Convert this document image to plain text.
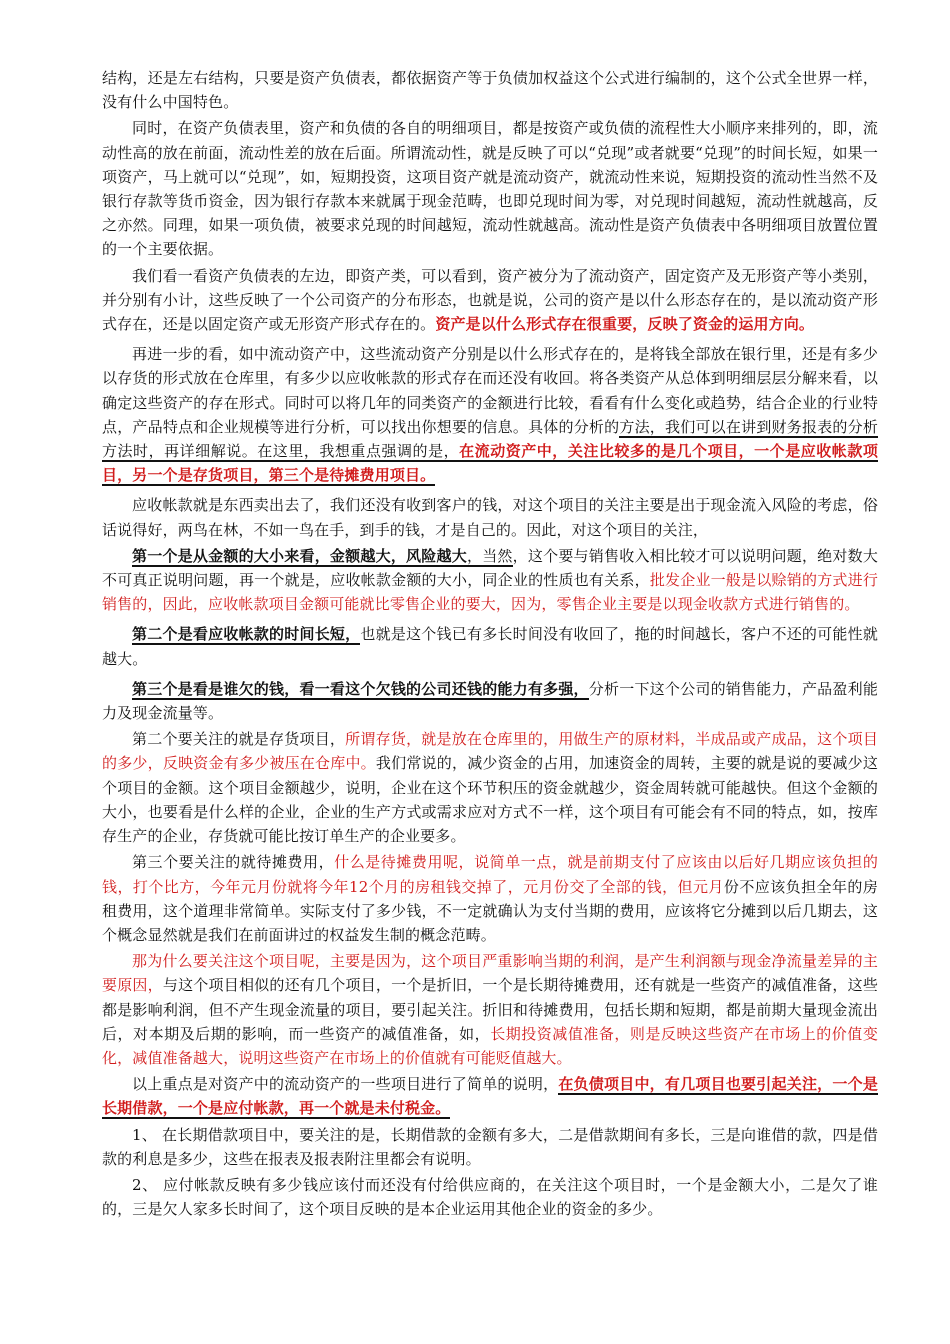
结构，还是左右结构，只要是资产负债表，都依据资产等于负债加权益这个公式进行编制的，这个公式全世界一样，没有什么中国特色。

同时，在资产负债表里，资产和负债的各自的明细项目，都是按资产或负债的流程性大小顺序来排列的，即，流动性高的放在前面，流动性差的放在后面。所谓流动性，就是反映了可以“兑现”或者就要“兑现”的时间长短，如果一项资产，马上就可以“兑现”，如，短期投资，这项目资产就是流动资产，就流动性来说，短期投资的流动性当然不及银行存款等货币资金，因为银行存款本来就属于现金范畴，也即兑现时间为零，对兑现时间越短，流动性就越高，反之亦然。同理，如果一项负债，被要求兑现的时间越短，流动性就越高。流动性是资产负债表中各明细项目放置位置的一个主要依据。

我们看一看资产负债表的左边，即资产类，可以看到，资产被分为了流动资产，固定资产及无形资产等小类别，并分别有小计，这些反映了一个公司资产的分布形态，也就是说，公司的资产是以什么形态存在的，是以流动资产形式存在，还是以固定资产或无形资产形式存在的。资产是以什么形式存在很重要，反映了资金的运用方向。

再进一步的看，如中流动资产中，这些流动资产分别是以什么形式存在的，是将钱全部放在银行里，还是有多少以存货的形式放在仓库里，有多少以应收帐款的形式存在而还没有收回。将各类资产从总体到明细层层分解来看，以确定这些资产的存在形式。同时可以将几年的同类资产的金额进行比较，看看有什么变化或趋势，结合企业的行业特点，产品特点和企业规模等进行分析，可以找出你想要的信息。具体的分析的方法，我们可以在讲到财务报表的分析方法时，再详细解说。在这里，我想重点强调的是，在流动资产中，关注比较多的是几个项目，一个是应收帐款项目，另一个是存货项目，第三个是待摊费用项目。

应收帐款就是东西卖出去了，我们还没有收到客户的钱，对这个项目的关注主要是出于现金流入风险的考虑，俗话说得好，两鸟在林，不如一鸟在手，到手的钱，才是自己的。因此，对这个项目的关注，

第一个是从金额的大小来看，金额越大，风险越大，当然，这个要与销售收入相比较才可以说明问题，绝对数大不可真正说明问题，再一个就是，应收帐款金额的大小，同企业的性质也有关系，批发企业一般是以赊销的方式进行销售的，因此，应收帐款项目金额可能就比零售企业的要大，因为，零售企业主要是以现金收款方式进行销售的。

第二个是看应收帐款的时间长短，也就是这个钱已有多长时间没有收回了，拖的时间越长，客户不还的可能性就越大。

第三个是看是谁欠的钱，看一看这个欠钱的公司还钱的能力有多强，分析一下这个公司的销售能力，产品盈利能力及现金流量等。

第二个要关注的就是存货项目，所谓存货，就是放在仓库里的，用做生产的原材料，半成品或产成品，这个项目的多少，反映资金有多少被压在仓库中。我们常说的，减少资金的占用，加速资金的周转，主要的就是说的要减少这个项目的金额。这个项目金额越少，说明，企业在这个环节积压的资金就越少，资金周转就可能越快。但这个金额的大小，也要看是什么样的企业，企业的生产方式或需求应对方式不一样，这个项目有可能会有不同的特点，如，按库存生产的企业，存货就可能比按订单生产的企业要多。

第三个要关注的就待摊费用，什么是待摊费用呢，说简单一点，就是前期支付了应该由以后好几期应该负担的钱，打个比方，今年元月份就将今年12个月的房租钱交掉了，元月份交了全部的钱，但元月份不应该负担全年的房租费用，这个道理非常简单。实际支付了多少钱，不一定就确认为支付当期的费用，应该将它分摊到以后几期去，这个概念显然就是我们在前面讲过的权益发生制的概念范畴。

那为什么要关注这个项目呢，主要是因为，这个项目严重影响当期的利润，是产生利润额与现金净流量差异的主要原因，与这个项目相似的还有几个项目，一个是折旧，一个是长期待摊费用，还有就是一些资产的减值准备，这些都是影响利润，但不产生现金流量的项目，要引起关注。折旧和待摊费用，包括长期和短期，都是前期大量现金流出后，对本期及后期的影响，而一些资产的减值准备，如，长期投资减值准备，则是反映这些资产在市场上的价值变化，减值准备越大，说明这些资产在市场上的价值就有可能贬值越大。

以上重点是对资产中的流动资产的一些项目进行了简单的说明，在负债项目中，有几项目也要引起关注，一个是长期借款，一个是应付帐款，再一个就是未付税金。

1、 在长期借款项目中，要关注的是，长期借款的金额有多大，二是借款期间有多长，三是向谁借的款，四是借款的利息是多少，这些在报表及报表附注里都会有说明。

2、 应付帐款反映有多少钱应该付而还没有付给供应商的，在关注这个项目时，一个是金额大小，二是欠了谁的，三是欠人家多长时间了，这个项目反映的是本企业运用其他企业的资金的多少。
